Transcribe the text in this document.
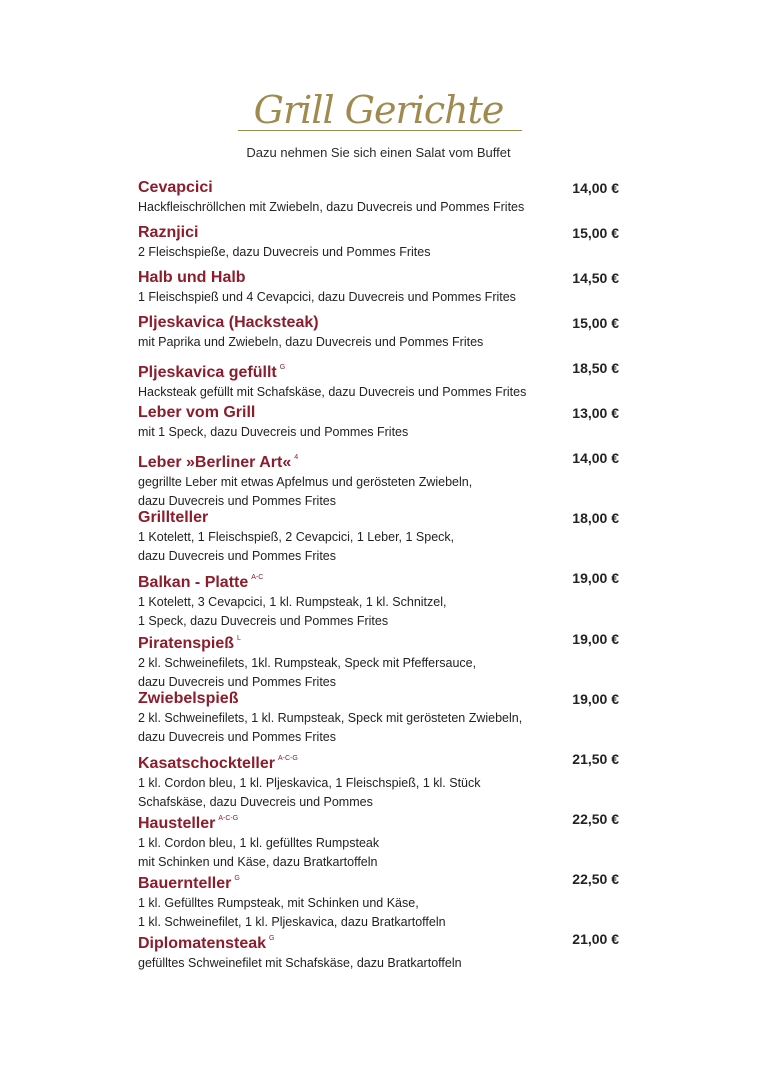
Grill Gerichte
Dazu nehmen Sie sich einen Salat vom Buffet
Cevapcici	14,00 €
Hackfleischröllchen mit Zwiebeln, dazu Duvecreis und Pommes Frites
Raznjici	15,00 €
2 Fleischspieße, dazu Duvecreis und Pommes Frites
Halb und Halb	14,50 €
1 Fleischspieß und 4 Cevapcici, dazu Duvecreis und Pommes Frites
Pljeskavica (Hacksteak)	15,00 €
mit Paprika und Zwiebeln, dazu Duvecreis und Pommes Frites
Pljeskavica gefüllt $^G$	18,50 €
Hacksteak gefüllt mit Schafskäse, dazu Duvecreis und Pommes Frites
Leber vom Grill	13,00 €
mit 1 Speck, dazu Duvecreis und Pommes Frites
Leber »Berliner Art« $^4$	14,00 €
gegrillte Leber mit etwas Apfelmus und gerösteten Zwiebeln,
dazu Duvecreis und Pommes Frites
Grillteller	18,00 €
1 Kotelett, 1 Fleischspieß, 2 Cevapcici, 1 Leber, 1 Speck,
dazu Duvecreis und Pommes Frites
Balkan - Platte $^{A-C}$	19,00 €
1 Kotelett, 3 Cevapcici, 1 kl. Rumpsteak, 1 kl. Schnitzel,
1 Speck, dazu Duvecreis und Pommes Frites
Piratenspieß $^L$	19,00 €
2 kl. Schweinefilets, 1kl. Rumpsteak, Speck mit Pfeffersauce,
dazu Duvecreis und Pommes Frites
Zwiebelspieß	19,00 €
2 kl. Schweinefilets, 1 kl. Rumpsteak, Speck mit gerösteten Zwiebeln,
dazu Duvecreis und Pommes Frites
Kasatschockteller $^{A-C-G}$	21,50 €
1 kl. Cordon bleu, 1 kl. Pljeskavica, 1 Fleischspieß, 1 kl. Stück
Schafskäse, dazu Duvecreis und Pommes
Hausteller $^{A-C-G}$	22,50 €
1 kl. Cordon bleu, 1 kl. gefülltes Rumpsteak
mit Schinken und Käse, dazu Bratkartoffeln
Bauernteller $^G$	22,50 €
1 kl. Gefülltes Rumpsteak, mit Schinken und Käse,
1 kl. Schweinefilet, 1 kl. Pljeskavica, dazu Bratkartoffeln
Diplomatensteak $^G$	21,00 €
gefülltes Schweinefilet mit Schafskäse, dazu Bratkartoffeln
